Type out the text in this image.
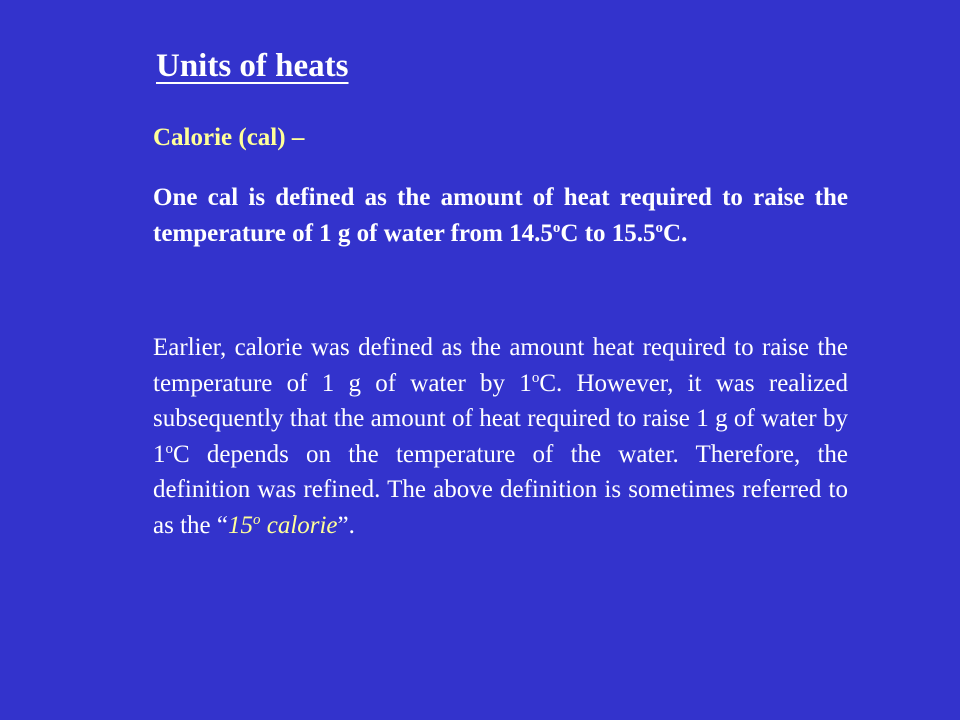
Units of heats

Calorie (cal) –

One cal is defined as the amount of heat required to raise the temperature of 1 g of water from 14.5$^o$C to 15.5$^o$C.

Earlier, calorie was defined as the amount heat required to raise the temperature of 1 g of water by 1$^o$C. However, it was realized subsequently that the amount of heat required to raise 1 g of water by 1$^o$C depends on the temperature of the water. Therefore, the definition was refined. The above definition is sometimes referred to as the “15$^o$ calorie”.
